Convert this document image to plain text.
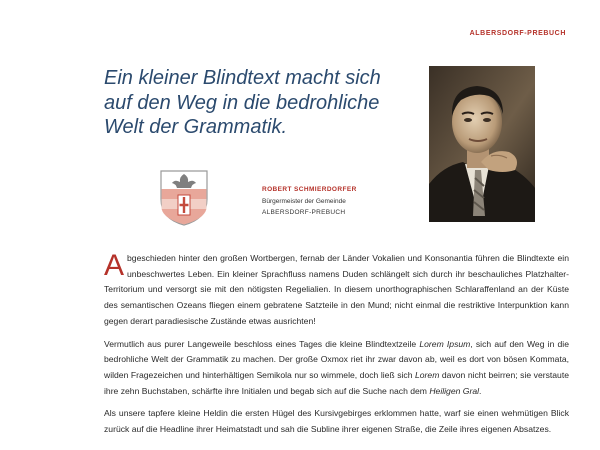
ALBERSDORF-PREBUCH
Ein kleiner Blindtext macht sich
auf den Weg in die bedrohliche
Welt der Grammatik.
ROBERT SCHMIERDORFER
Bürgermeister der Gemeinde
ALBERSDORF-PREBUCH

Abgeschieden hinter den großen Wortbergen, fernab der Länder Vokalien und Konsonantia führen die Blindtexte ein unbeschwertes Leben. Ein kleiner Sprachfluss namens Duden schlängelt sich durch ihr beschauliches Platzhalter-Territorium und versorgt sie mit den nötigsten Regelialien. In diesem unorthographischen Schlaraffenland an der Küste des semantischen Ozeans fliegen einem gebratene Satzteile in den Mund; nicht einmal die restriktive Interpunktion kann gegen derart paradiesische Zustände etwas ausrichten!

Vermutlich aus purer Langeweile beschloss eines Tages die kleine Blindtextzeile Lorem Ipsum, sich auf den Weg in die bedrohliche Welt der Grammatik zu machen. Der große Oxmox riet ihr zwar davon ab, weil es dort von bösen Kommata, wilden Fragezeichen und hinterhältigen Semikola nur so wimmele, doch ließ sich Lorem davon nicht beirren; sie verstaute ihre zehn Buchstaben, schärfte ihre Initialen und begab sich auf die Suche nach dem Heiligen Gral.

Als unsere tapfere kleine Heldin die ersten Hügel des Kursivgebirges erklommen hatte, warf sie einen wehmütigen Blick zurück auf die Headline ihrer Heimatstadt und sah die Subline ihrer eigenen Straße, die Zeile ihres eigenen Absatzes.
